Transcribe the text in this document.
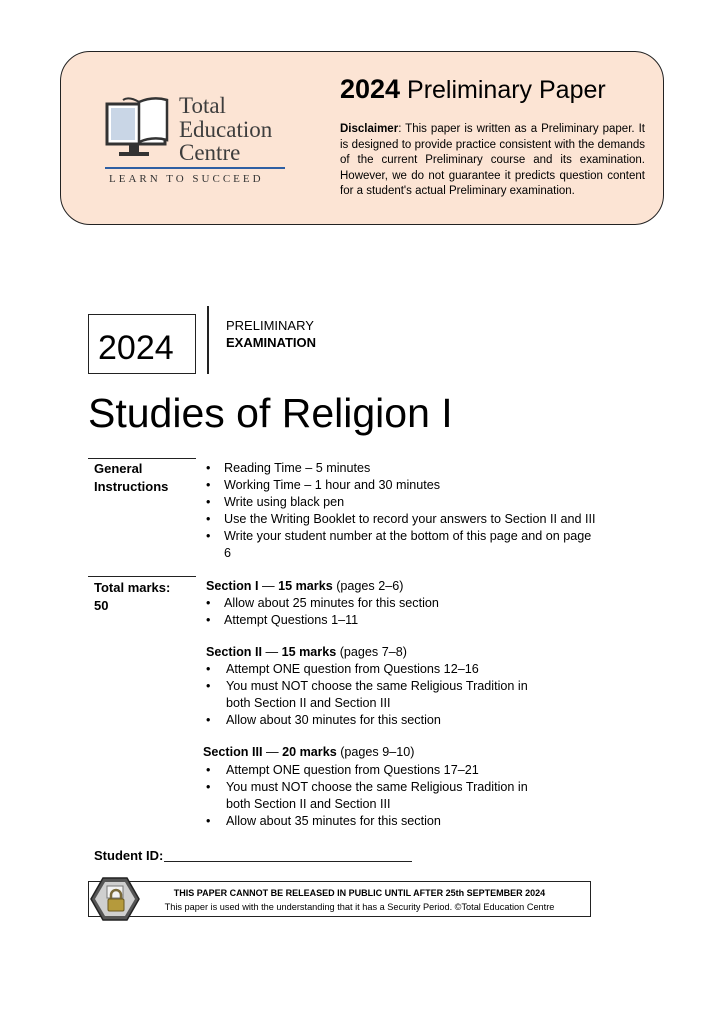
Total
Education
Centre
LEARN TO SUCCEED
2024 Preliminary Paper
Disclaimer: This paper is written as a Preliminary paper. It is designed to provide practice consistent with the demands of the current Preliminary course and its examination. However, we do not guarantee it predicts question content for a student's actual Preliminary examination.
2024
PRELIMINARY
EXAMINATION
Studies of Religion I
General Instructions
• Reading Time – 5 minutes
• Working Time – 1 hour and 30 minutes
• Write using black pen
• Use the Writing Booklet to record your answers to Section II and III
• Write your student number at the bottom of this page and on page 6
Total marks: 50
Section I — 15 marks (pages 2–6)
• Allow about 25 minutes for this section
• Attempt Questions 1–11
Section II — 15 marks (pages 7–8)
• Attempt ONE question from Questions 12–16
• You must NOT choose the same Religious Tradition in both Section II and Section III
• Allow about 30 minutes for this section
Section III — 20 marks (pages 9–10)
• Attempt ONE question from Questions 17–21
• You must NOT choose the same Religious Tradition in both Section II and Section III
• Allow about 35 minutes for this section
Student ID:
THIS PAPER CANNOT BE RELEASED IN PUBLIC UNTIL AFTER 25th SEPTEMBER 2024
This paper is used with the understanding that it has a Security Period. ©Total Education Centre
